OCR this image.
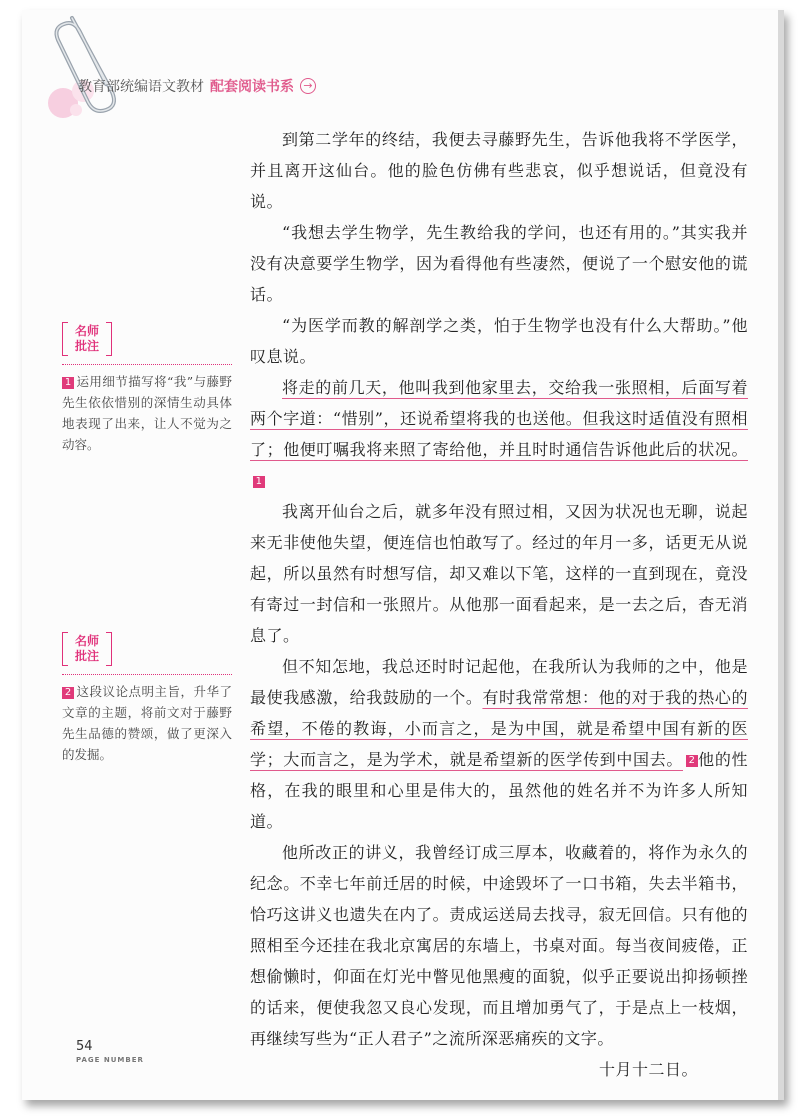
教育部统编语文教材 配套阅读书系 →
名师
批注
1 运用细节描写将“我”与藤野先生依依惜别的深情生动具体地表现了出来，让人不觉为之动容。
名师
批注
2 这段议论点明主旨，升华了文章的主题，将前文对于藤野先生品德的赞颂，做了更深入的发掘。

到第二学年的终结，我便去寻藤野先生，告诉他我将不学医学，并且离开这仙台。他的脸色仿佛有些悲哀，似乎想说话，但竟没有说。

“我想去学生物学，先生教给我的学问，也还有用的。”其实我并没有决意要学生物学，因为看得他有些凄然，便说了一个慰安他的谎话。

“为医学而教的解剖学之类，怕于生物学也没有什么大帮助。”他叹息说。

将走的前几天，他叫我到他家里去，交给我一张照相，后面写着两个字道：“惜别”，还说希望将我的也送他。但我这时适值没有照相了；他便叮嘱我将来照了寄给他，并且时时通信告诉他此后的状况。1

我离开仙台之后，就多年没有照过相，又因为状况也无聊，说起来无非使他失望，便连信也怕敢写了。经过的年月一多，话更无从说起，所以虽然有时想写信，却又难以下笔，这样的一直到现在，竟没有寄过一封信和一张照片。从他那一面看起来，是一去之后，杳无消息了。

但不知怎地，我总还时时记起他，在我所认为我师的之中，他是最使我感激，给我鼓励的一个。有时我常常想：他的对于我的热心的希望，不倦的教诲，小而言之，是为中国，就是希望中国有新的医学；大而言之，是为学术，就是希望新的医学传到中国去。 2 他的性格，在我的眼里和心里是伟大的，虽然他的姓名并不为许多人所知道。

他所改正的讲义，我曾经订成三厚本，收藏着的，将作为永久的纪念。不幸七年前迁居的时候，中途毁坏了一口书箱，失去半箱书，恰巧这讲义也遗失在内了。责成运送局去找寻，寂无回信。只有他的照相至今还挂在我北京寓居的东墙上，书桌对面。每当夜间疲倦，正想偷懒时，仰面在灯光中瞥见他黑瘦的面貌，似乎正要说出抑扬顿挫的话来，便使我忽又良心发现，而且增加勇气了，于是点上一枝烟，再继续写些为“正人君子”之流所深恶痛疾的文字。

十月十二日。

54
PAGE NUMBER
